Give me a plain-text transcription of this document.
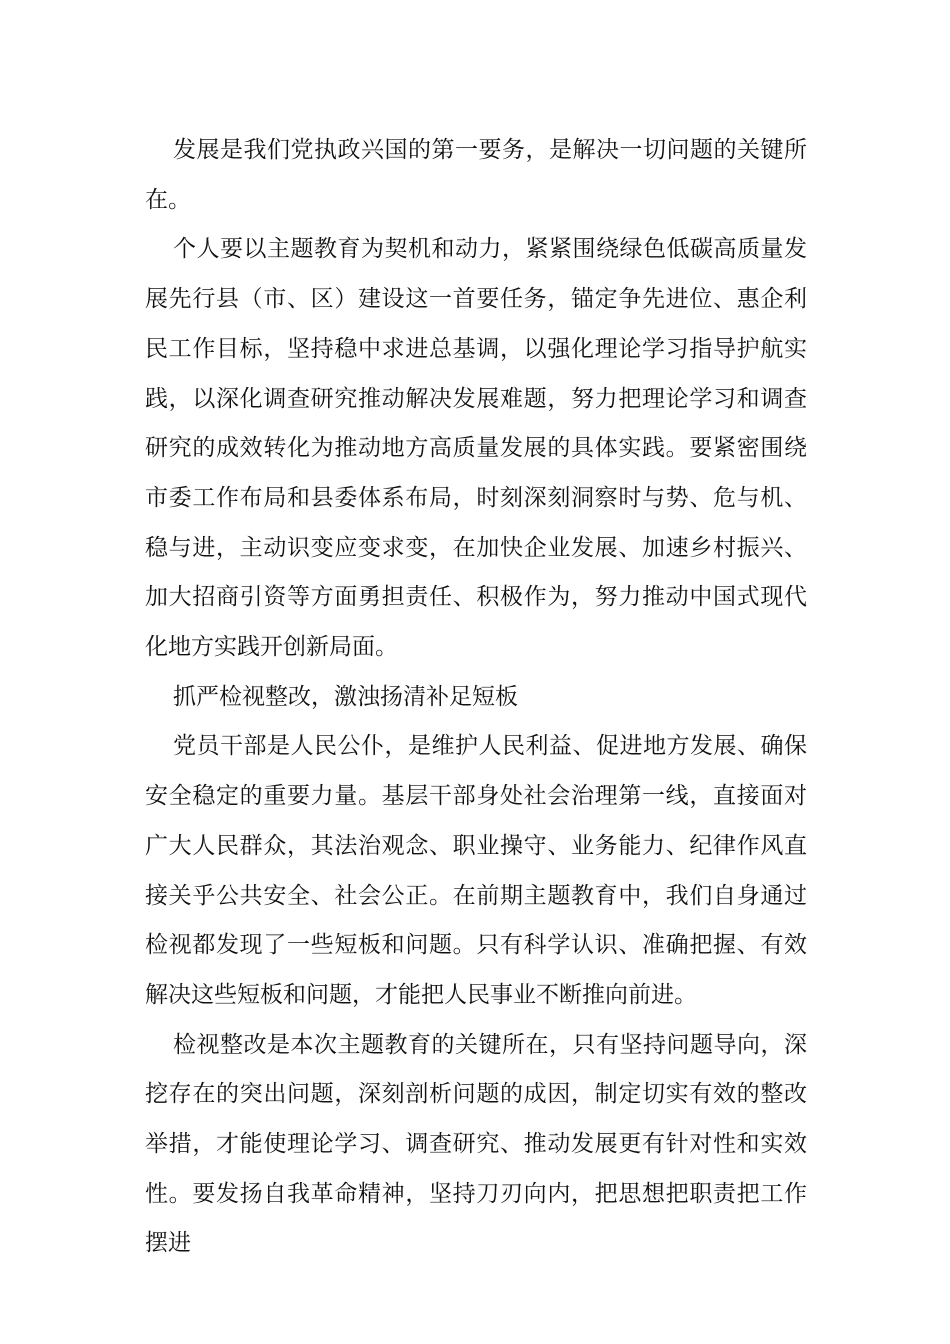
发展是我们党执政兴国的第一要务，是解决一切问题的关键所在。

个人要以主题教育为契机和动力，紧紧围绕绿色低碳高质量发展先行县（市、区）建设这一首要任务，锚定争先进位、惠企利民工作目标，坚持稳中求进总基调，以强化理论学习指导护航实践，以深化调查研究推动解决发展难题，努力把理论学习和调查研究的成效转化为推动地方高质量发展的具体实践。要紧密围绕市委工作布局和县委体系布局，时刻深刻洞察时与势、危与机、稳与进，主动识变应变求变，在加快企业发展、加速乡村振兴、加大招商引资等方面勇担责任、积极作为，努力推动中国式现代化地方实践开创新局面。

抓严检视整改，激浊扬清补足短板

党员干部是人民公仆，是维护人民利益、促进地方发展、确保安全稳定的重要力量。基层干部身处社会治理第一线，直接面对广大人民群众，其法治观念、职业操守、业务能力、纪律作风直接关乎公共安全、社会公正。在前期主题教育中，我们自身通过检视都发现了一些短板和问题。只有科学认识、准确把握、有效解决这些短板和问题，才能把人民事业不断推向前进。

检视整改是本次主题教育的关键所在，只有坚持问题导向，深挖存在的突出问题，深刻剖析问题的成因，制定切实有效的整改举措，才能使理论学习、调查研究、推动发展更有针对性和实效性。要发扬自我革命精神，坚持刀刃向内，把思想把职责把工作摆进
